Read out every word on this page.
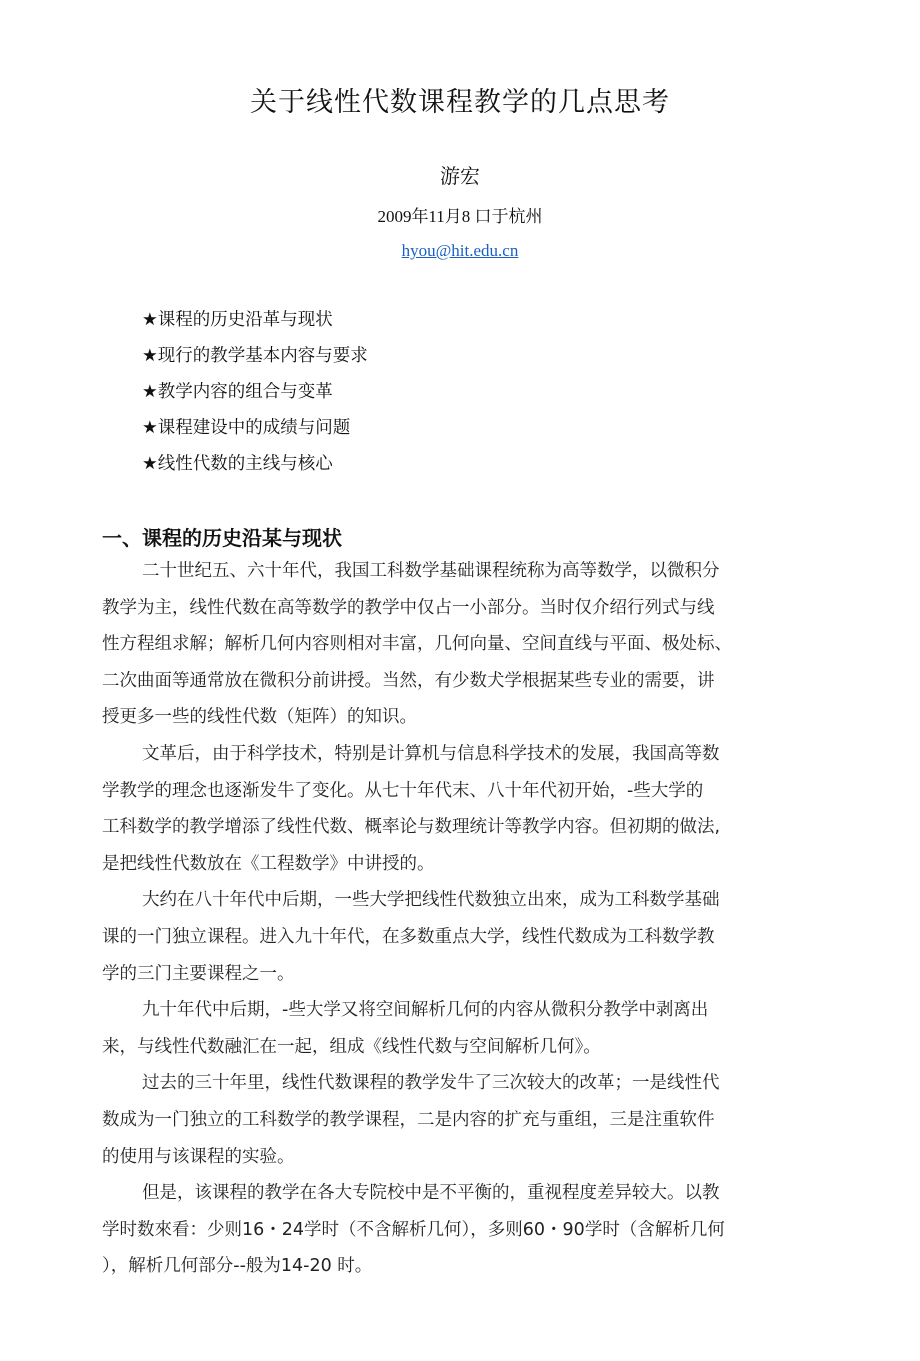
关于线性代数课程教学的几点思考
游宏
2009年11月8 口于杭州
hyou@hit.edu.cn
★课程的历史沿革与现状
★现行的教学基本内容与要求
★教学内容的组合与变革
★课程建设中的成绩与问题
★线性代数的主线与核心
一、课程的历史沿某与现状
二十世纪五、六十年代，我国工科数学基础课程统称为高等数学，以微积分
教学为主，线性代数在高等数学的教学中仅占一小部分。当时仅介绍行列式与线
性方程组求解；解析几何内容则相对丰富，几何向量、空间直线与平面、极处标、
二次曲面等通常放在微积分前讲授。当然，有少数犬学根据某些专业的需要，讲
授更多一些的线性代数（矩阵）的知识。
文革后，由于科学技术，特别是计算机与信息科学技术的发展，我国高等数
学教学的理念也逐渐发牛了变化。从七十年代末、八十年代初开始，-些大学的
工科数学的教学增添了线性代数、概率论与数理统计等教学内容。但初期的做法,
是把线性代数放在《工程数学》中讲授的。
大约在八十年代中后期，一些大学把线性代数独立出來，成为工科数学基础
课的一门独立课程。进入九十年代，在多数重点大学，线性代数成为工科数学教
学的三门主要课程之一。
九十年代中后期，-些大学又将空间解析几何的内容从微积分教学中剥离出
来，与线性代数融汇在一起，组成《线性代数与空间解析几何》。
过去的三十年里，线性代数课程的教学发牛了三次较大的改革；一是线性代
数成为一门独立的工科数学的教学课程，二是内容的扩充与重组，三是注重软件
的使用与该课程的实验。
但是，该课程的教学在各大专院校中是不平衡的，重视程度差异较大。以教
学时数來看：少则16・24学时（不含解析几何），多则60・90学时（含解析几何
），解析几何部分--般为14-20 时。
